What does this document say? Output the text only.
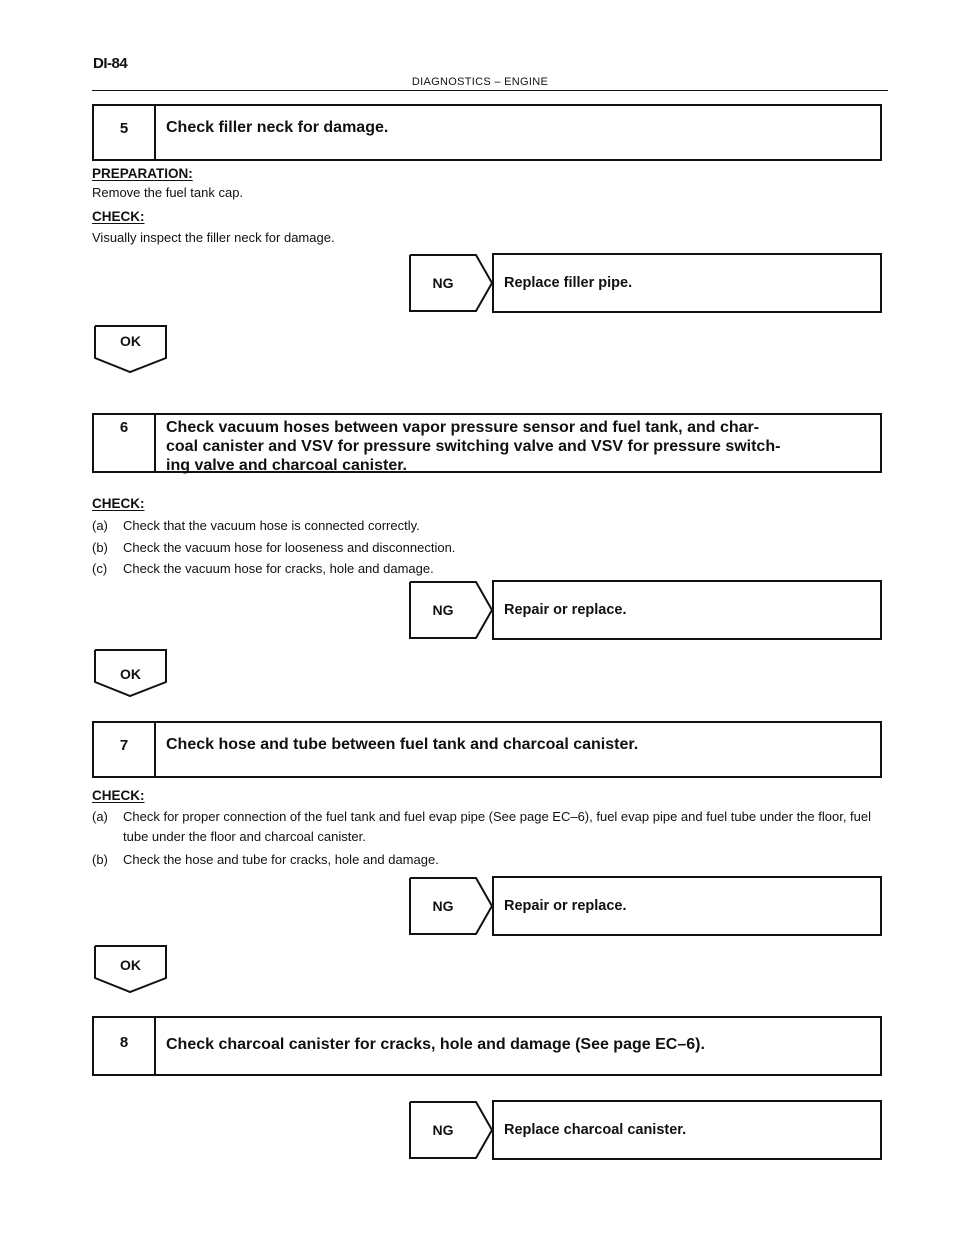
DI-84
DIAGNOSTICS – ENGINE
5	Check filler neck for damage.
PREPARATION:
Remove the fuel tank cap.
CHECK:
Visually inspect the filler neck for damage.
NG	Replace filler pipe.
OK
6	Check vacuum hoses between vapor pressure sensor and fuel tank, and char-
coal canister and VSV for pressure switching valve and VSV for pressure switch-
ing valve and charcoal canister.
CHECK:
(a) Check that the vacuum hose is connected correctly.
(b) Check the vacuum hose for looseness and disconnection.
(c) Check the vacuum hose for cracks, hole and damage.
NG	Repair or replace.
OK
7	Check hose and tube between fuel tank and charcoal canister.
CHECK:
(a) Check for proper connection of the fuel tank and fuel evap pipe (See page EC–6), fuel evap pipe and fuel tube under the floor, fuel tube under the floor and charcoal canister.
(b) Check the hose and tube for cracks, hole and damage.
NG	Repair or replace.
OK
8	Check charcoal canister for cracks, hole and damage (See page EC–6).
NG	Replace charcoal canister.
